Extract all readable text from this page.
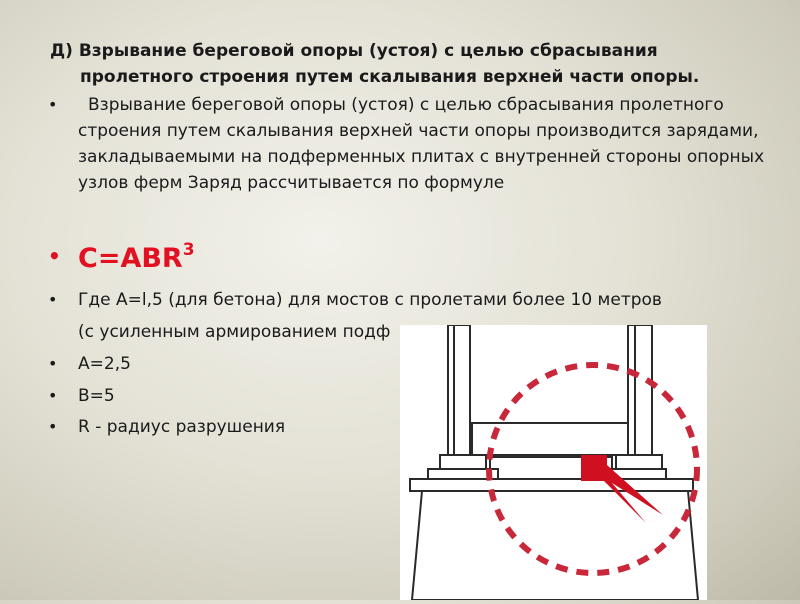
Д) Взрывание береговой опоры (устоя) с целью сбрасывания
пролетного строения путем скалывания верхней части опоры.
•	Взрывание береговой опоры (устоя) с целью сбрасывания пролетного строения путем скалывания верхней части опоры производится зарядами, закладываемыми на подферменных плитах с внутренней стороны опорных узлов ферм Заряд рассчитывается по формуле
• $С=АВR^3$
• Где А=l,5 (для бетона) для мостов с пролетами более 10 метров
(с усиленным армированием подф
• А=2,5
• В=5
• R - радиус разрушения
